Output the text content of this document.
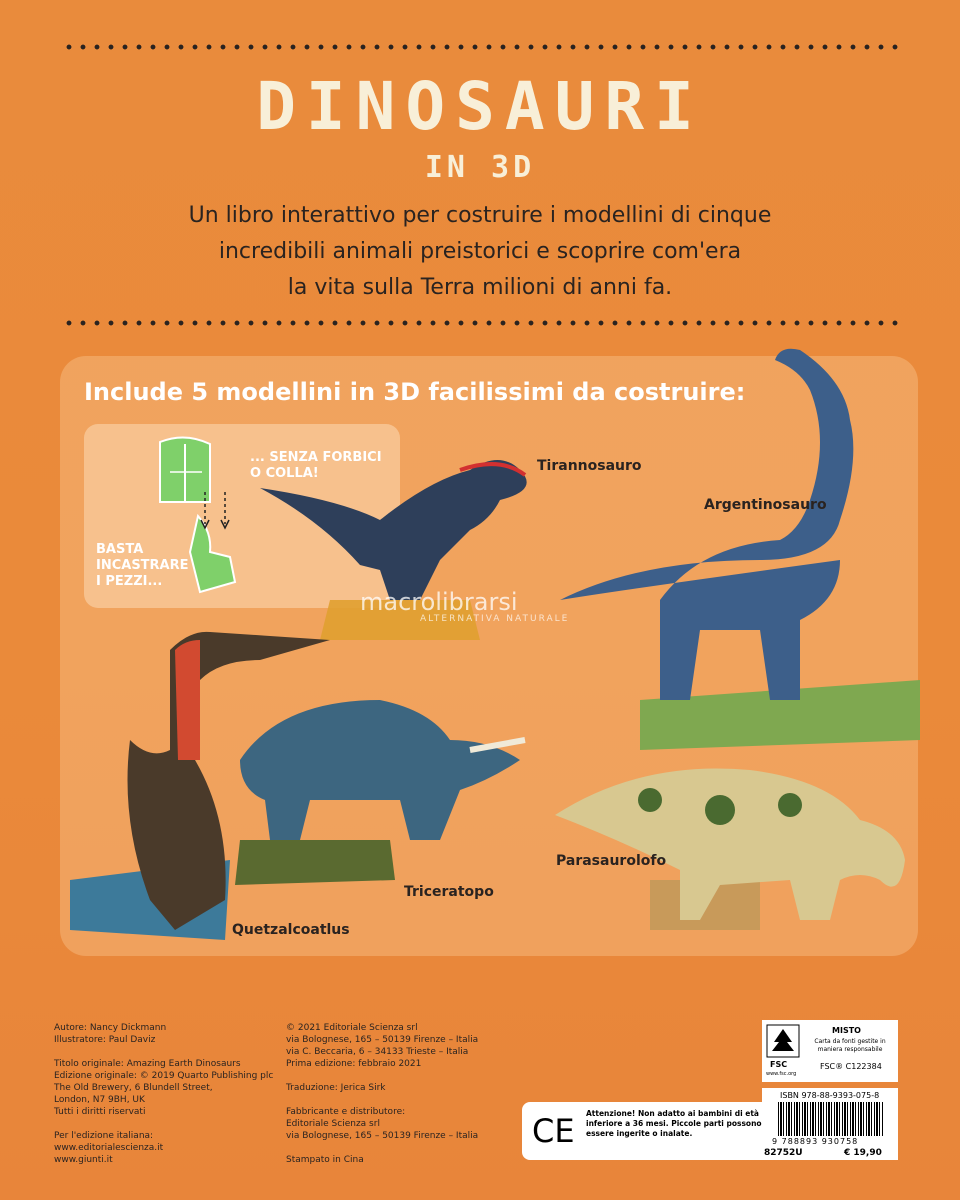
DINOSAURI
IN 3D
Un libro interattivo per costruire i modellini di cinque
incredibili animali preistorici e scoprire com'era
la vita sulla Terra milioni di anni fa.
Include 5 modellini in 3D facilissimi da costruire:
... SENZA FORBICI
O COLLA!
BASTA
INCASTRARE
I PEZZI...
Tirannosauro
Argentinosauro
Parasaurolofo
Triceratopo
Quetzalcoatlus
macrolibrarsi
ALTERNATIVA NATURALE
Autore: Nancy Dickmann
Illustratore: Paul Daviz
Titolo originale: Amazing Earth Dinosaurs
Edizione originale: © 2019 Quarto Publishing plc
The Old Brewery, 6 Blundell Street,
London, N7 9BH, UK
Tutti i diritti riservati
Per l'edizione italiana:
www.editorialescienza.it
www.giunti.it
© 2021 Editoriale Scienza srl
via Bolognese, 165 – 50139 Firenze – Italia
via C. Beccaria, 6 – 34133 Trieste – Italia
Prima edizione: febbraio 2021
Traduzione: Jerica Sirk
Fabbricante e distributore:
Editoriale Scienza srl
via Bolognese, 165 – 50139 Firenze – Italia
Stampato in Cina
CE Attenzione! Non adatto ai bambini di età inferiore a 36 mesi. Piccole parti possono essere ingerite o inalate.
FSC
www.fsc.org
MISTO
Carta da fonti gestite in maniera responsabile
FSC® C122384
ISBN 978-88-9393-075-8
9 788893 930758
82752U	€ 19,90
